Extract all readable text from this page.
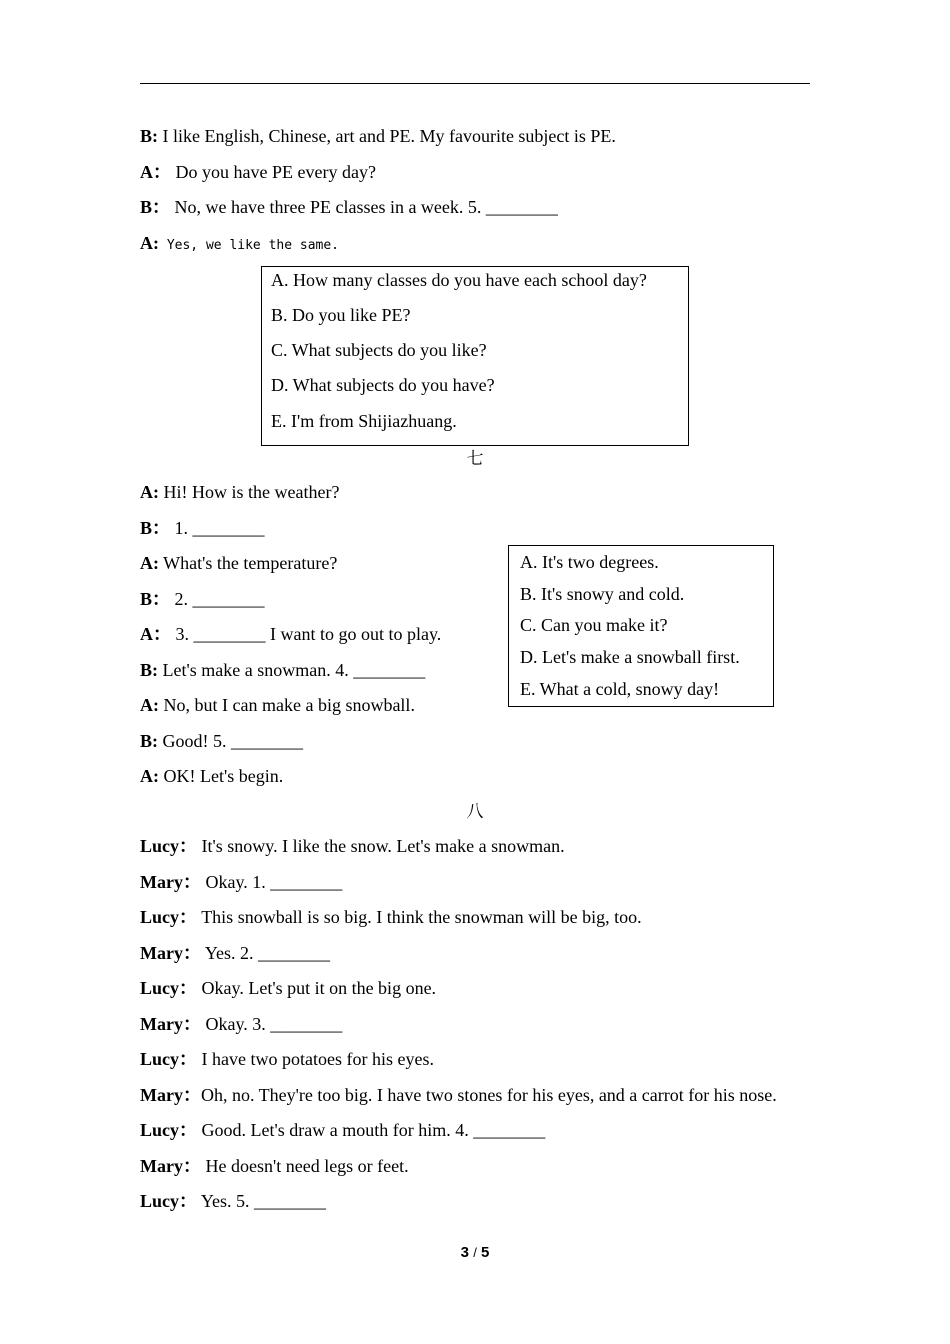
B: I like English, Chinese, art and PE. My favourite subject is PE.
A： Do you have PE every day?
B： No, we have three PE classes in a week. 5. ________
A: Yes, we like the same.
A. How many classes do you have each school day?
B. Do you like PE?
C. What subjects do you like?
D. What subjects do you have?
E. I'm from Shijiazhuang.
七
A: Hi! How is the weather?
B： 1. ________
A: What's the temperature?
B： 2. ________
A： 3. ________ I want to go out to play.
B: Let's make a snowman. 4. ________
A: No, but I can make a big snowball.
B: Good! 5. ________
A: OK! Let's begin.
A. It's two degrees.
B. It's snowy and cold.
C. Can you make it?
D. Let's make a snowball first.
E. What a cold, snowy day!
八
Lucy： It's snowy. I like the snow. Let's make a snowman.
Mary： Okay. 1. ________
Lucy： This snowball is so big. I think the snowman will be big, too.
Mary： Yes. 2. ________
Lucy： Okay. Let's put it on the big one.
Mary： Okay. 3. ________
Lucy： I have two potatoes for his eyes.
Mary：Oh, no. They're too big. I have two stones for his eyes, and a carrot for his nose.
Lucy： Good. Let's draw a mouth for him. 4. ________
Mary： He doesn't need legs or feet.
Lucy： Yes. 5. ________
3 / 5
